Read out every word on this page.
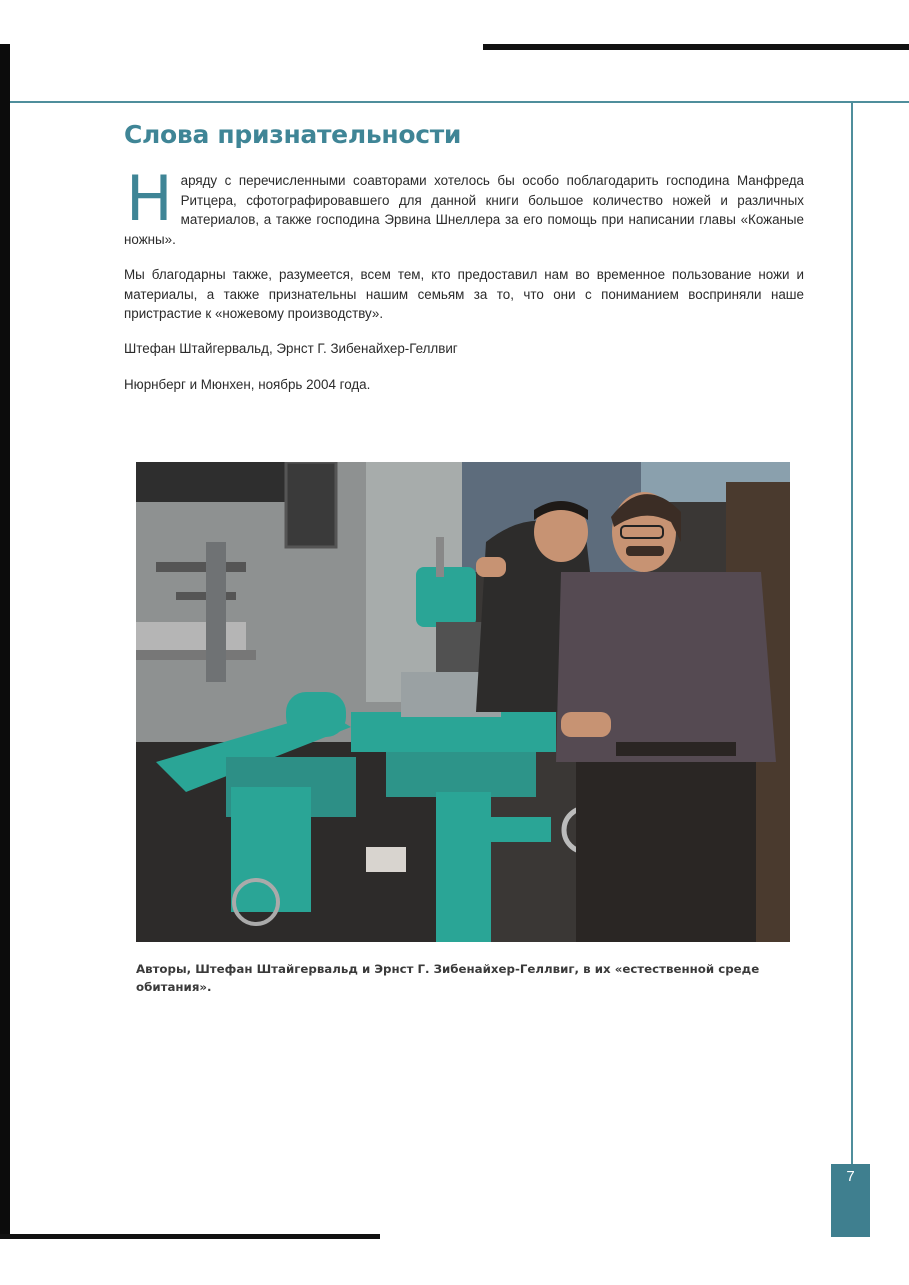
Слова признательности

Наряду с перечисленными соавторами хотелось бы особо поблагодарить господина Манфреда Ритцера, сфотографировавшего для данной книги большое количество ножей и различных материалов, а также господина Эрвина Шнеллера за его помощь при написании главы «Кожаные ножны».

Мы благодарны также, разумеется, всем тем, кто предоставил нам во временное пользование ножи и материалы, а также признательны нашим семьям за то, что они с пониманием восприняли наше пристрастие к «ножевому производству».

Штефан Штайгервальд, Эрнст Г. Зибенайхер-Геллвиг

Нюрнберг и Мюнхен, ноябрь 2004 года.

Авторы, Штефан Штайгервальд и Эрнст Г. Зибенайхер-Геллвиг, в их «естественной среде обитания».

7
